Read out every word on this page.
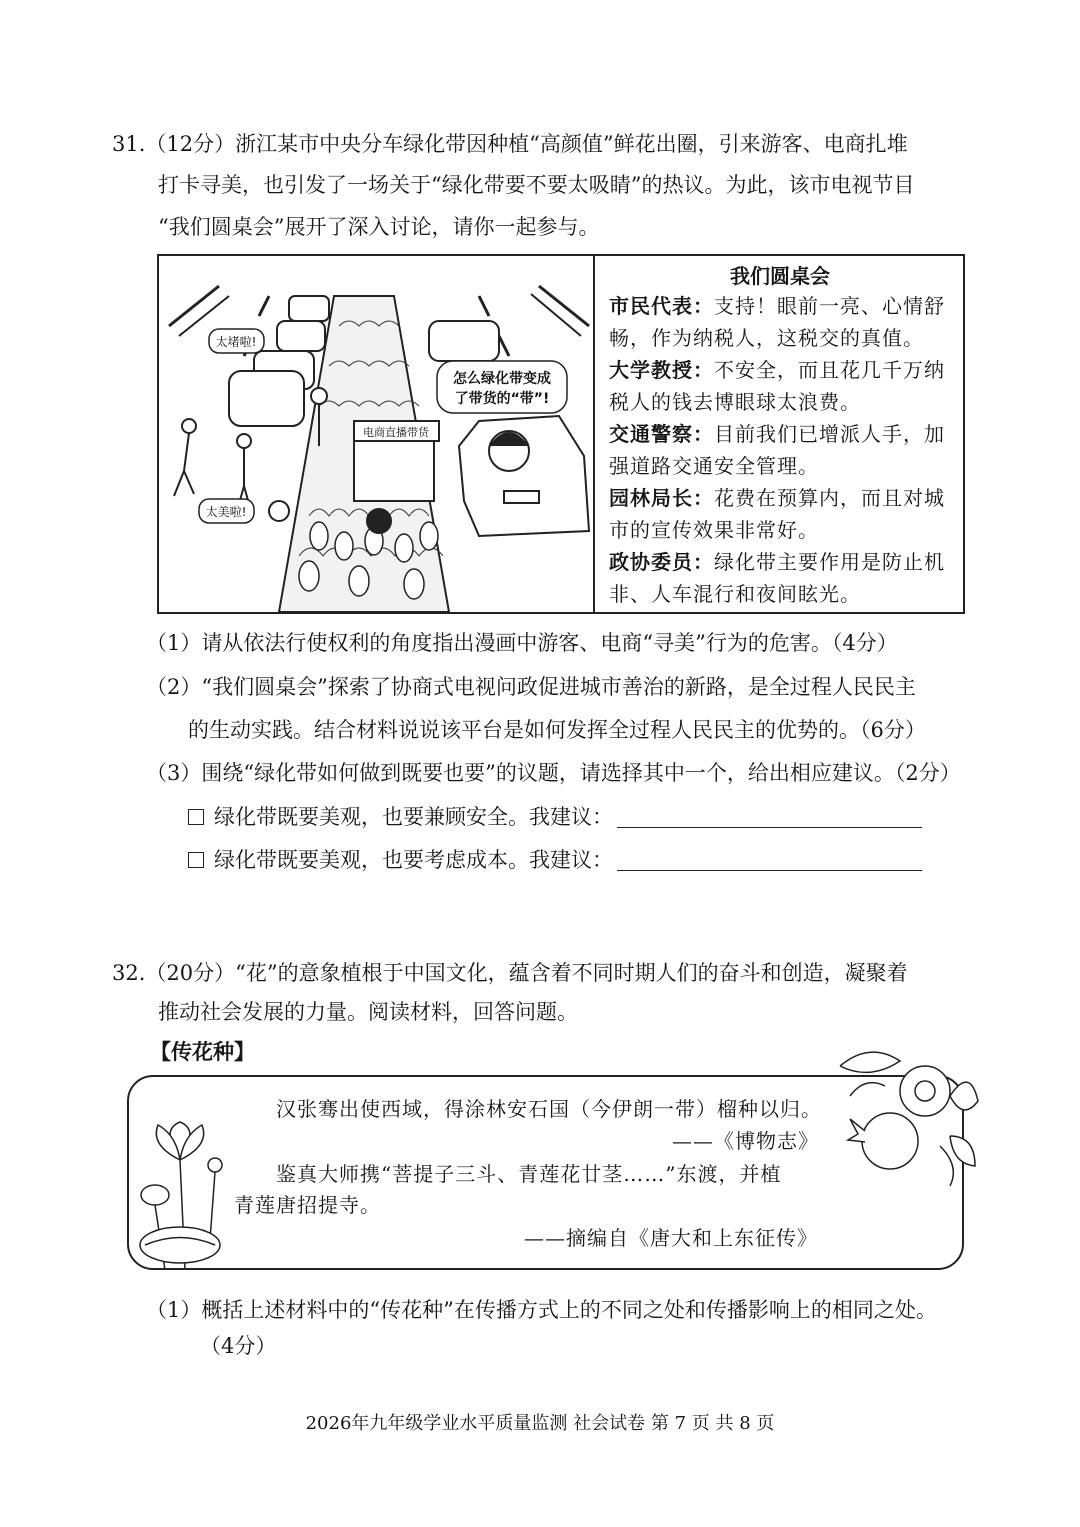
31.（12分）浙江某市中央分车绿化带因种植“高颜值”鲜花出圈，引来游客、电商扎堆
打卡寻美，也引发了一场关于“绿化带要不要太吸睛”的热议。为此，该市电视节目
“我们圆桌会”展开了深入讨论，请你一起参与。
电商直播带货
太堵啦!
太美啦!
怎么绿化带变成
了带货的“带”!
我们圆桌会
市民代表：支持！眼前一亮、心情舒
畅，作为纳税人，这税交的真值。
大学教授：不安全，而且花几千万纳
税人的钱去博眼球太浪费。
交通警察：目前我们已增派人手，加
强道路交通安全管理。
园林局长：花费在预算内，而且对城
市的宣传效果非常好。
政协委员：绿化带主要作用是防止机
非、人车混行和夜间眩光。
（1）请从依法行使权利的角度指出漫画中游客、电商“寻美”行为的危害。（4分）
（2）“我们圆桌会”探索了协商式电视问政促进城市善治的新路，是全过程人民民主
的生动实践。结合材料说说该平台是如何发挥全过程人民民主的优势的。（6分）
（3）围绕“绿化带如何做到既要也要”的议题，请选择其中一个，给出相应建议。（2分）
绿化带既要美观，也要兼顾安全。我建议：
绿化带既要美观，也要考虑成本。我建议：
32.（20分）“花”的意象植根于中国文化，蕴含着不同时期人们的奋斗和创造，凝聚着
推动社会发展的力量。阅读材料，回答问题。
【传花种】
汉张骞出使西域，得涂林安石国（今伊朗一带）榴种以归。
——《博物志》
鉴真大师携“菩提子三斗、青莲花廿茎……”东渡，并植
青莲唐招提寺。
——摘编自《唐大和上东征传》
（1）概括上述材料中的“传花种”在传播方式上的不同之处和传播影响上的相同之处。
（4分）
2026年九年级学业水平质量监测 社会试卷 第 7 页 共 8 页
